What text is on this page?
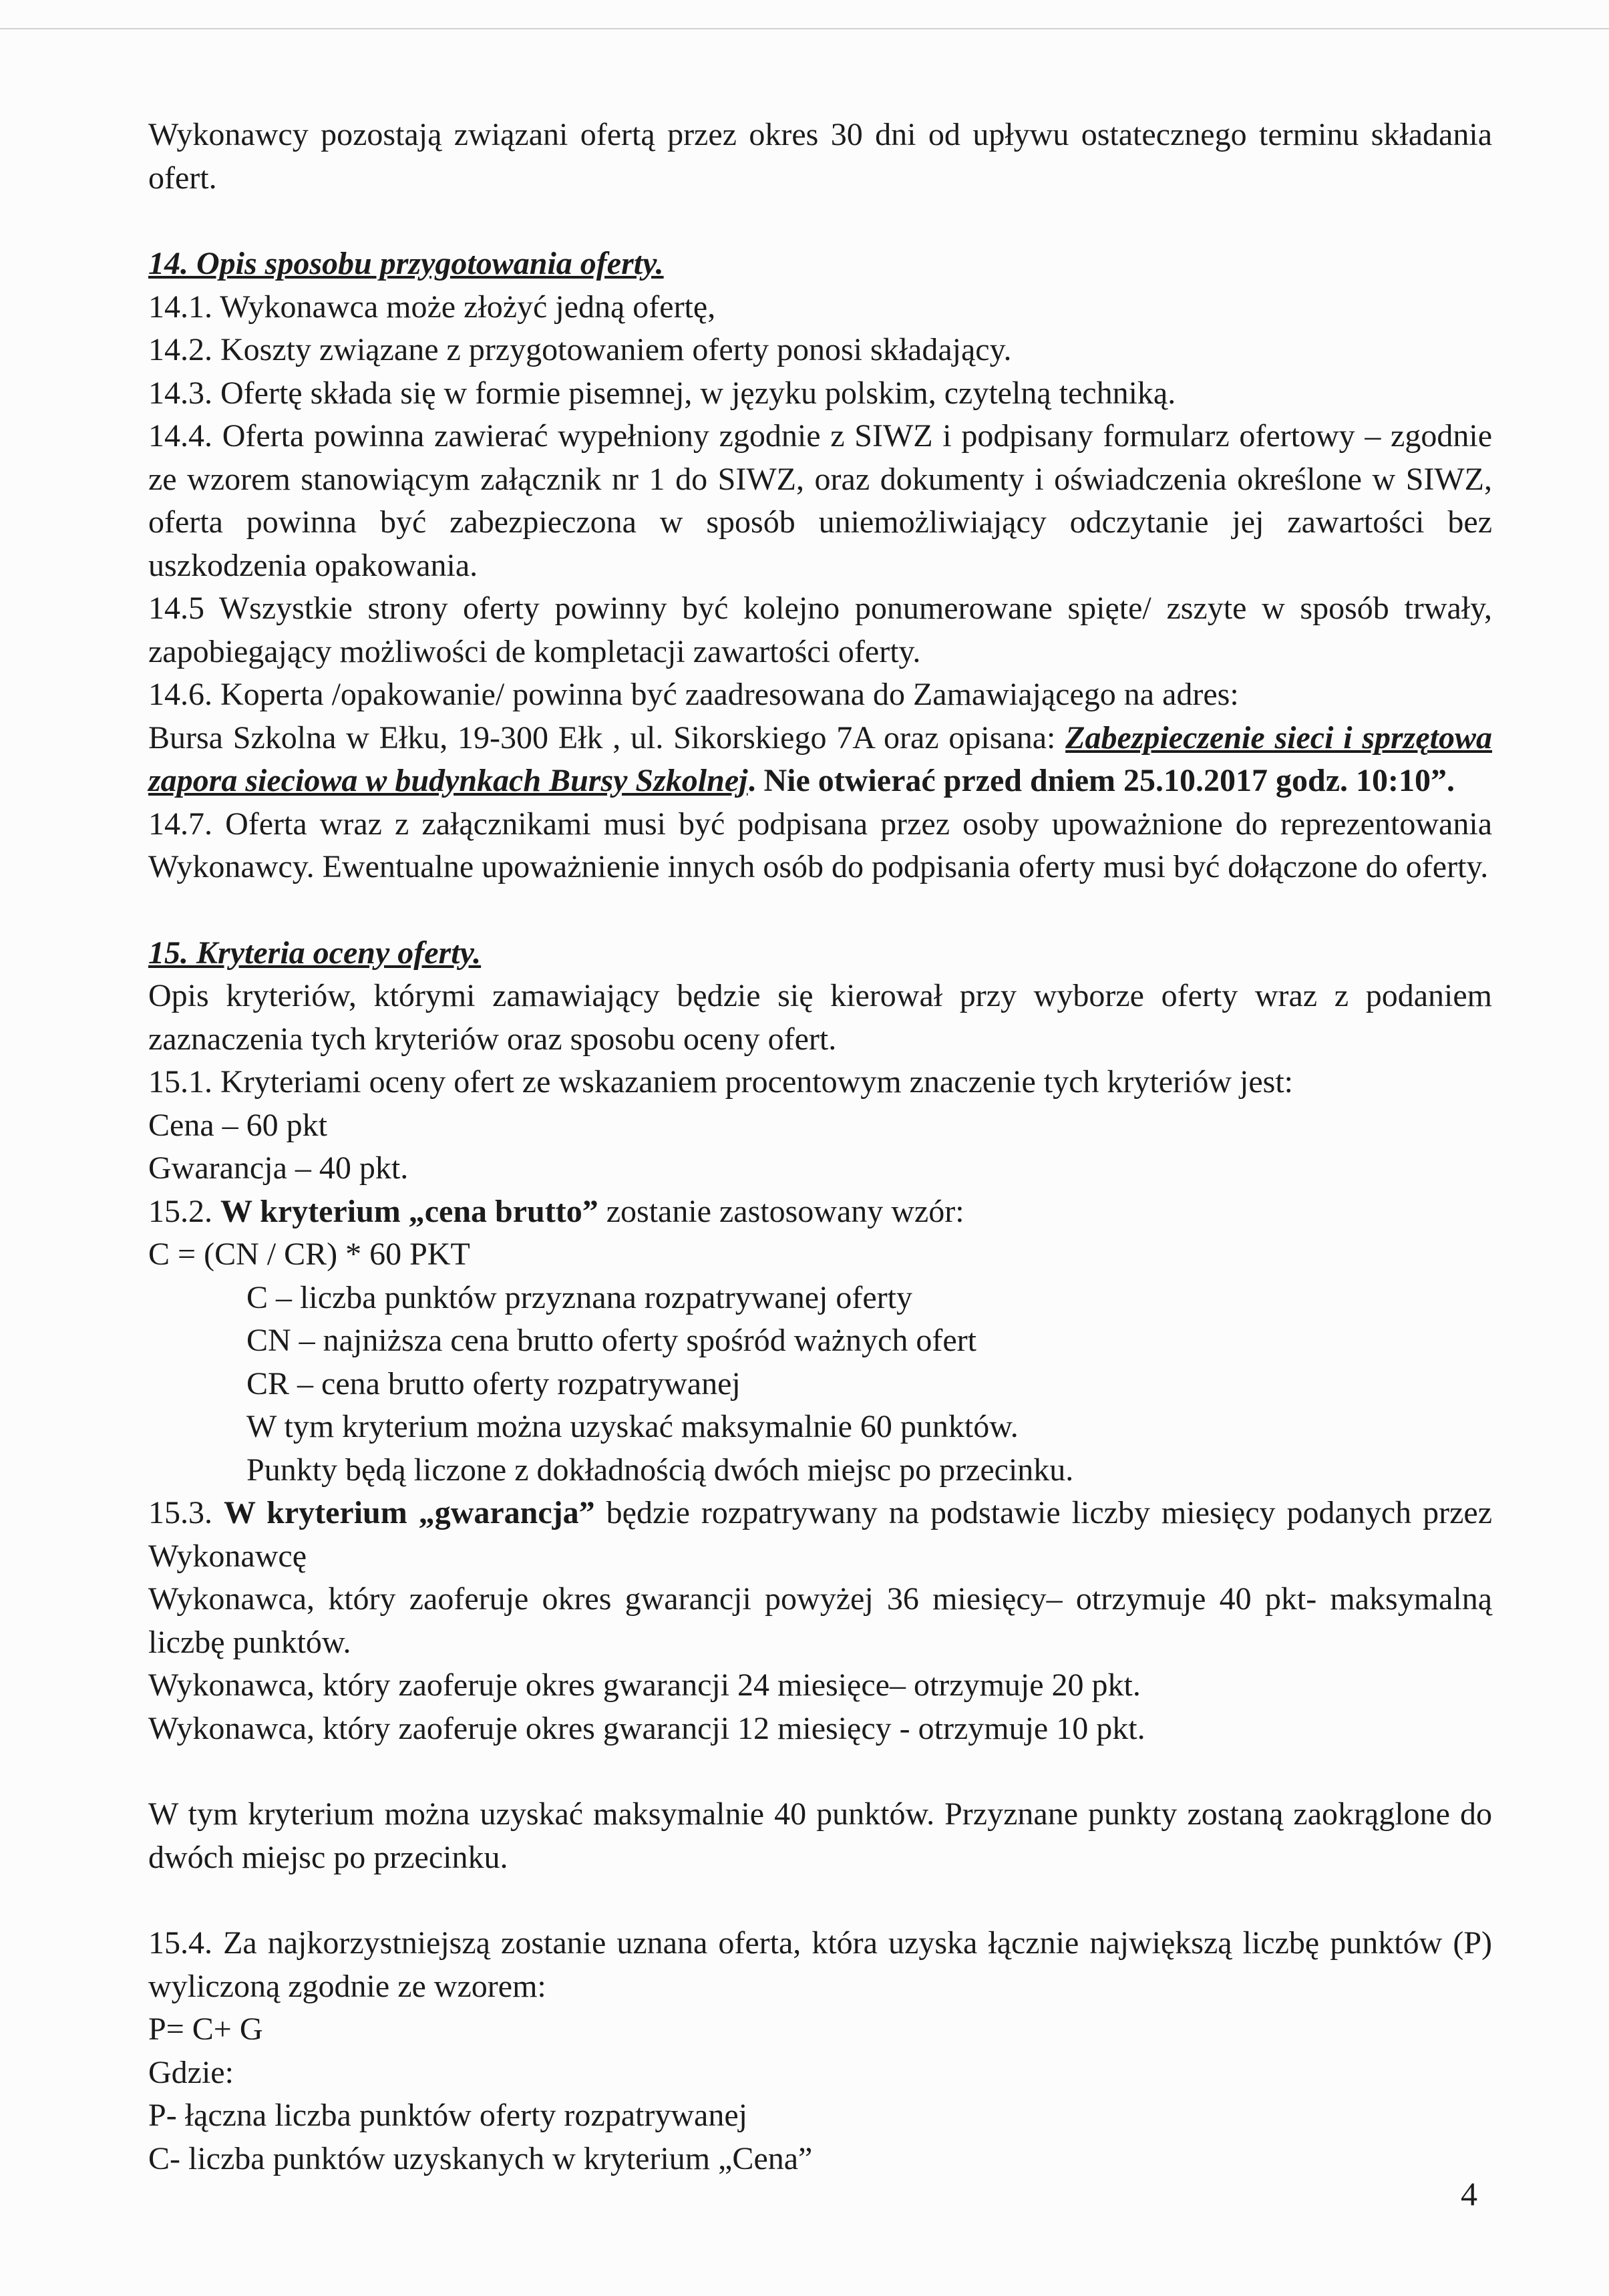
Wykonawcy pozostają związani ofertą przez okres 30 dni od upływu ostatecznego terminu składania ofert.

14. Opis sposobu przygotowania oferty.

14.1. Wykonawca może złożyć jedną ofertę,

14.2. Koszty związane z przygotowaniem oferty ponosi składający.

14.3. Ofertę składa się w formie pisemnej, w języku polskim, czytelną techniką.

14.4. Oferta powinna zawierać wypełniony zgodnie z SIWZ i podpisany formularz ofertowy – zgodnie ze wzorem stanowiącym załącznik nr 1 do SIWZ, oraz dokumenty i oświadczenia określone w SIWZ, oferta powinna być zabezpieczona w sposób uniemożliwiający odczytanie jej zawartości bez uszkodzenia opakowania.

14.5 Wszystkie strony oferty powinny być kolejno ponumerowane spięte/ zszyte w sposób trwały, zapobiegający możliwości de kompletacji zawartości oferty.

14.6. Koperta /opakowanie/ powinna być zaadresowana do Zamawiającego na adres:
Bursa Szkolna w Ełku, 19-300 Ełk , ul. Sikorskiego 7A oraz opisana: Zabezpieczenie sieci i sprzętowa zapora sieciowa w budynkach Bursy Szkolnej. Nie otwierać przed dniem 25.10.2017 godz. 10:10”.

14.7. Oferta wraz z załącznikami musi być podpisana przez osoby upoważnione do reprezentowania Wykonawcy. Ewentualne upoważnienie innych osób do podpisania oferty musi być dołączone do oferty.

15. Kryteria oceny oferty.

Opis kryteriów, którymi zamawiający będzie się kierował przy wyborze oferty wraz z podaniem zaznaczenia tych kryteriów oraz sposobu oceny ofert.

15.1. Kryteriami oceny ofert ze wskazaniem procentowym znaczenie tych kryteriów jest:

Cena – 60 pkt

Gwarancja – 40 pkt.

15.2. W kryterium „cena brutto” zostanie zastosowany wzór:

C = (CN / CR) * 60 PKT

C – liczba punktów przyznana rozpatrywanej oferty

CN – najniższa cena brutto oferty spośród ważnych ofert

CR – cena brutto oferty rozpatrywanej

W tym kryterium można uzyskać maksymalnie 60 punktów.

Punkty będą liczone z dokładnością dwóch miejsc po przecinku.

15.3. W kryterium „gwarancja” będzie rozpatrywany na podstawie liczby miesięcy podanych przez Wykonawcę

Wykonawca, który zaoferuje okres gwarancji powyżej 36 miesięcy– otrzymuje 40 pkt- maksymalną liczbę punktów.

Wykonawca, który zaoferuje okres gwarancji 24 miesięce– otrzymuje 20 pkt.

Wykonawca, który zaoferuje okres gwarancji 12 miesięcy - otrzymuje 10 pkt.

W tym kryterium można uzyskać maksymalnie 40 punktów. Przyznane punkty zostaną zaokrąglone do dwóch miejsc po przecinku.

15.4. Za najkorzystniejszą zostanie uznana oferta, która uzyska łącznie największą liczbę punktów (P) wyliczoną zgodnie ze wzorem:

P= C+ G

Gdzie:

P- łączna liczba punktów oferty rozpatrywanej

C- liczba punktów uzyskanych w kryterium „Cena”

4
